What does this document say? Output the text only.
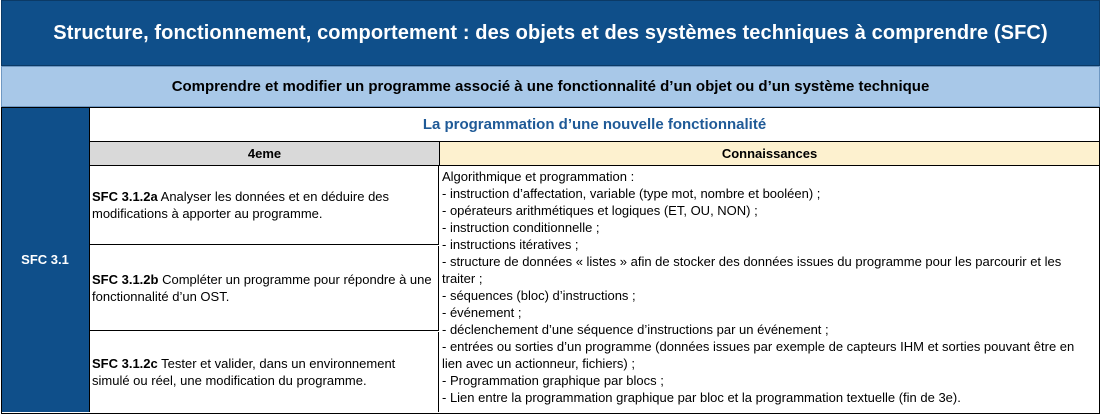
Structure, fonctionnement, comportement : des objets et des systèmes techniques à comprendre (SFC)
Comprendre et modifier un programme associé à une fonctionnalité d’un objet ou d’un système technique
SFC 3.1
La programmation d’une nouvelle fonctionnalité
4eme	Connaissances
SFC 3.1.2a Analyser les données et en déduire des modifications à apporter au programme.
SFC 3.1.2b Compléter un programme pour répondre à une fonctionnalité d’un OST.
SFC 3.1.2c Tester et valider, dans un environnement simulé ou réel, une modification du programme.
Algorithmique et programmation :
- instruction d’affectation, variable (type mot, nombre et booléen) ;
- opérateurs arithmétiques et logiques (ET, OU, NON) ;
- instruction conditionnelle ;
- instructions itératives ;
- structure de données « listes » afin de stocker des données issues du programme pour les parcourir et les traiter ;
- séquences (bloc) d’instructions ;
- événement ;
- déclenchement d’une séquence d’instructions par un événement ;
- entrées ou sorties d’un programme (données issues par exemple de capteurs IHM et sorties pouvant être en lien avec un actionneur, fichiers) ;
- Programmation graphique par blocs ;
- Lien entre la programmation graphique par bloc et la programmation textuelle (fin de 3e).
